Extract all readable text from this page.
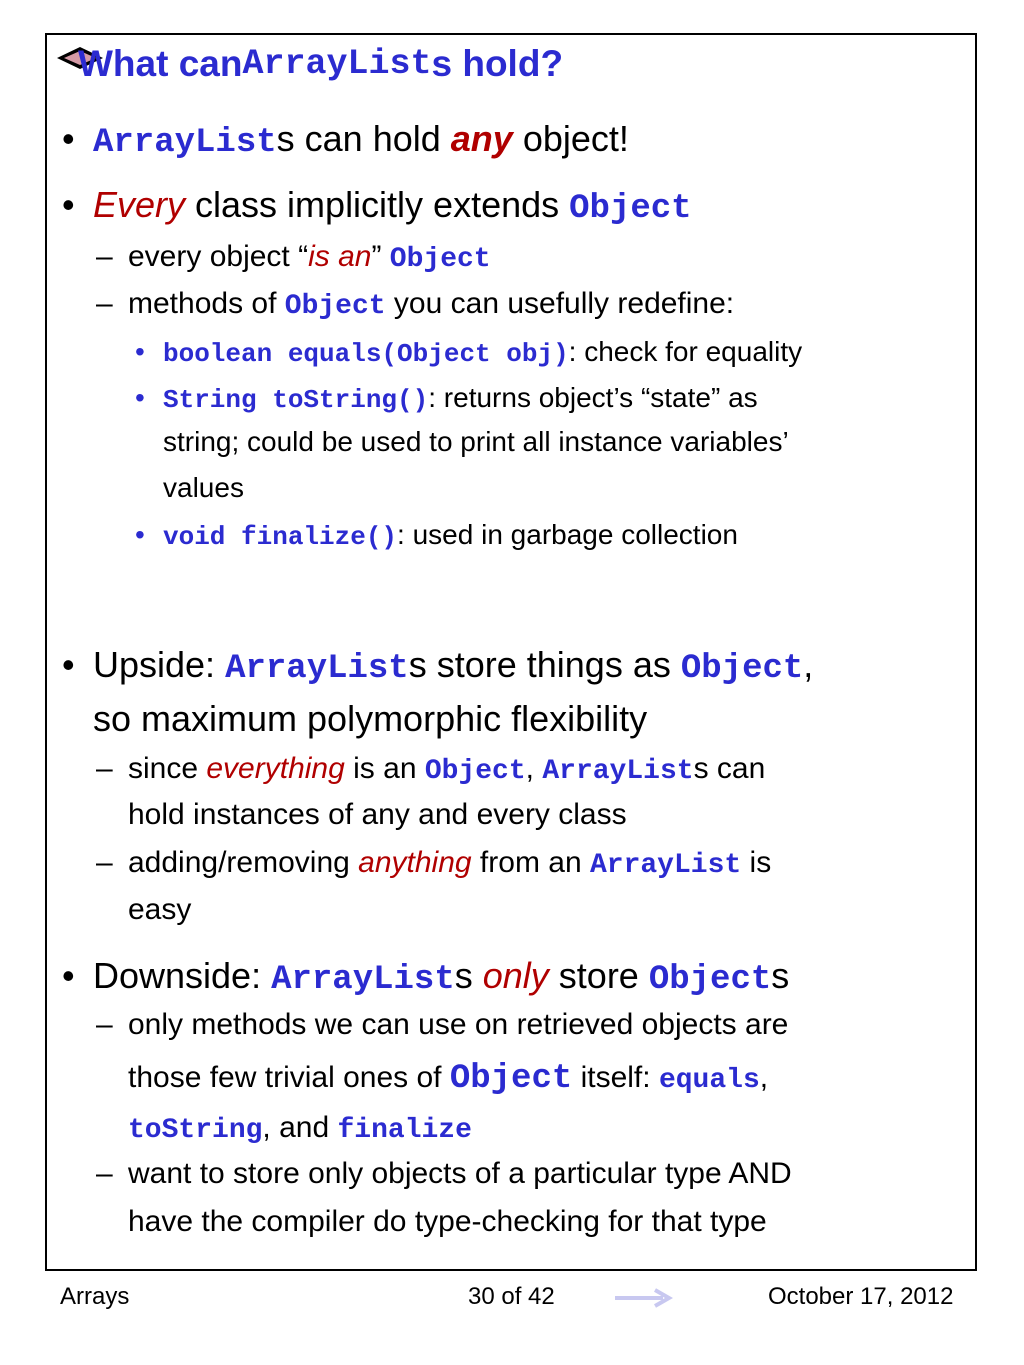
What can ArrayList s hold?
• ArrayLists can hold any object!
• Every class implicitly extends Object
– every object “is an” Object
– methods of Object you can usefully redefine:
• boolean equals(Object obj): check for equality
• String toString(): returns object’s “state” as
string; could be used to print all instance variables’
values
• void finalize(): used in garbage collection
• Upside: ArrayLists store things as Object,
so maximum polymorphic flexibility
– since everything is an Object, ArrayLists can
hold instances of any and every class
– adding/removing anything from an ArrayList is
easy
• Downside: ArrayLists only store Objects
– only methods we can use on retrieved objects are
those few trivial ones of Object itself: equals,
toString, and finalize
– want to store only objects of a particular type AND
have the compiler do type-checking for that type
Arrays	30 of 42	October 17, 2012
